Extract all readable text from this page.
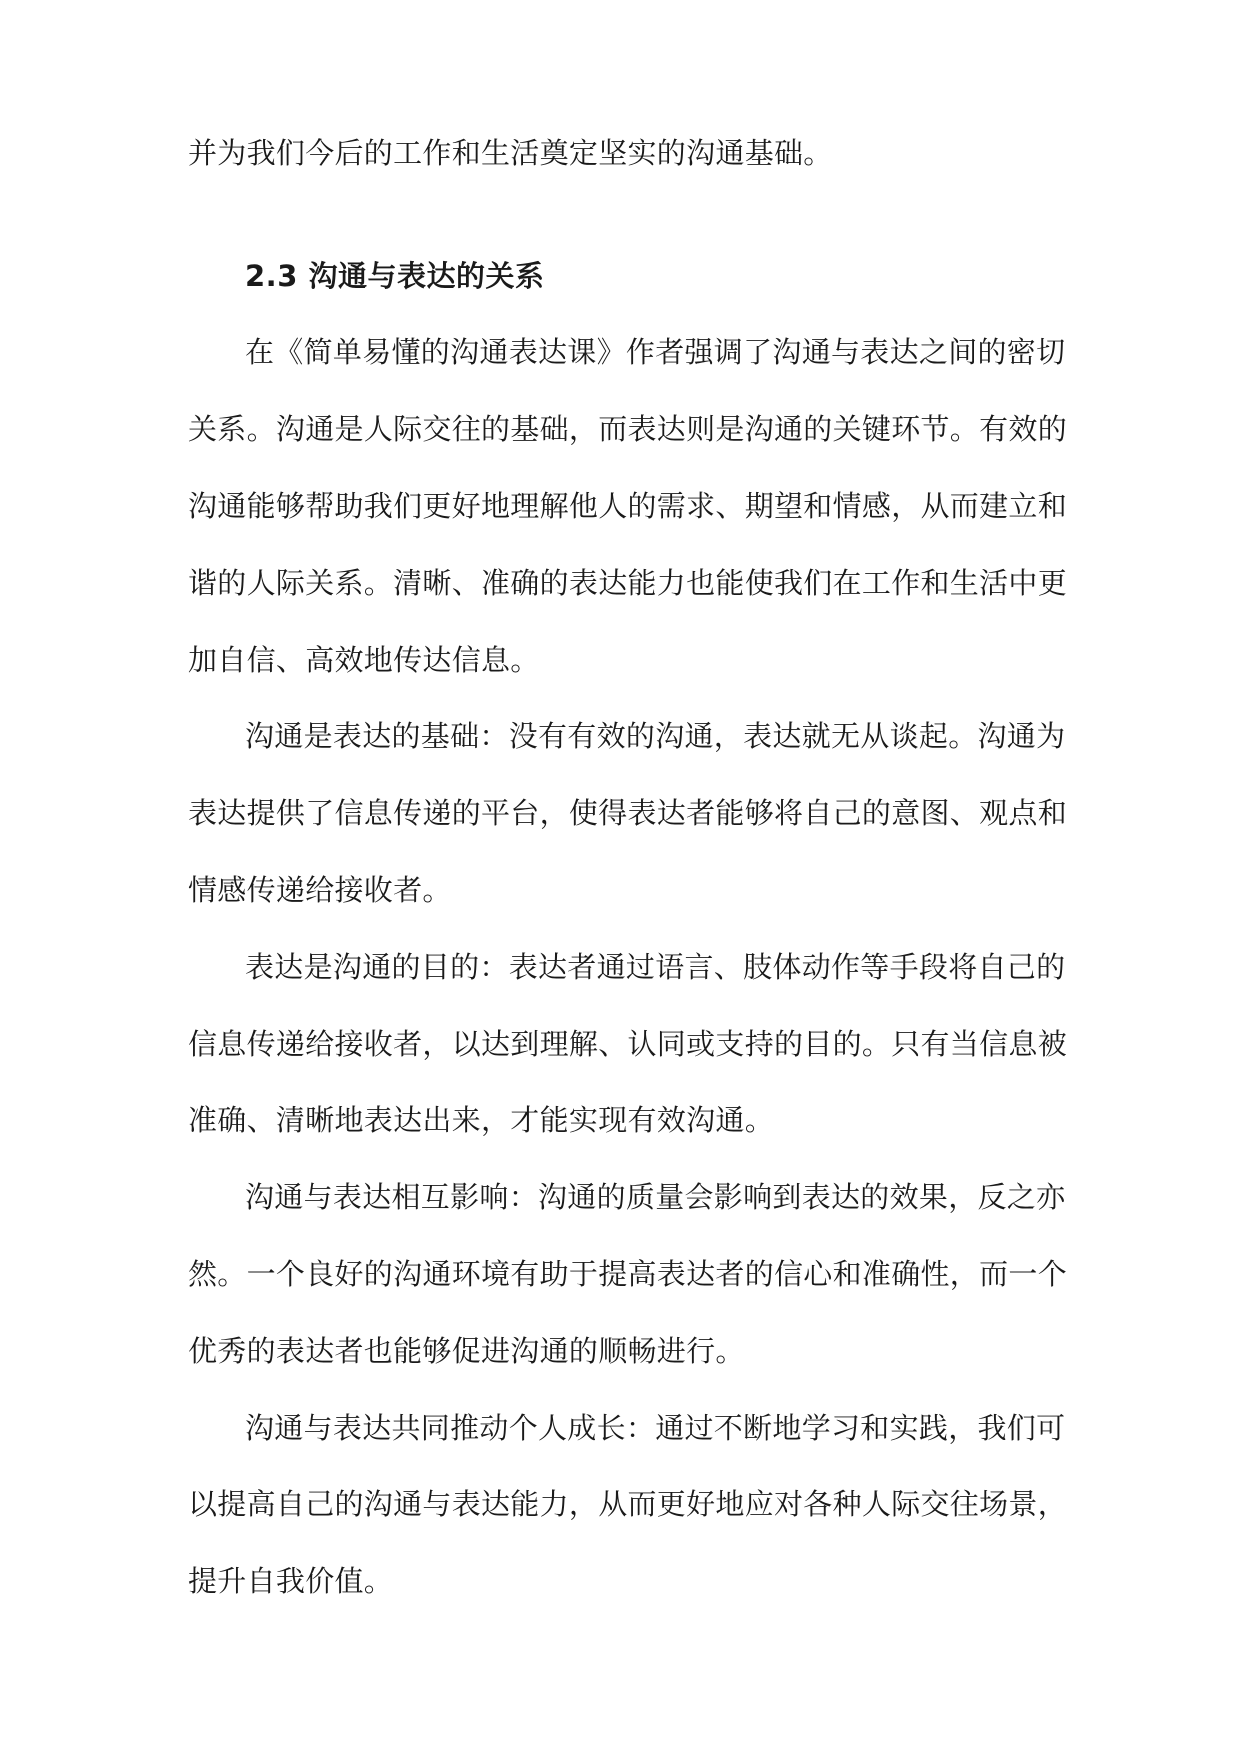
并为我们今后的工作和生活奠定坚实的沟通基础。

2.3 沟通与表达的关系

在《简单易懂的沟通表达课》作者强调了沟通与表达之间的密切

关系。沟通是人际交往的基础，而表达则是沟通的关键环节。有效的

沟通能够帮助我们更好地理解他人的需求、期望和情感，从而建立和

谐的人际关系。清晰、准确的表达能力也能使我们在工作和生活中更

加自信、高效地传达信息。

沟通是表达的基础：没有有效的沟通，表达就无从谈起。沟通为

表达提供了信息传递的平台，使得表达者能够将自己的意图、观点和

情感传递给接收者。

表达是沟通的目的：表达者通过语言、肢体动作等手段将自己的

信息传递给接收者，以达到理解、认同或支持的目的。只有当信息被

准确、清晰地表达出来，才能实现有效沟通。

沟通与表达相互影响：沟通的质量会影响到表达的效果，反之亦

然。一个良好的沟通环境有助于提高表达者的信心和准确性，而一个

优秀的表达者也能够促进沟通的顺畅进行。

沟通与表达共同推动个人成长：通过不断地学习和实践，我们可

以提高自己的沟通与表达能力，从而更好地应对各种人际交往场景，

提升自我价值。
